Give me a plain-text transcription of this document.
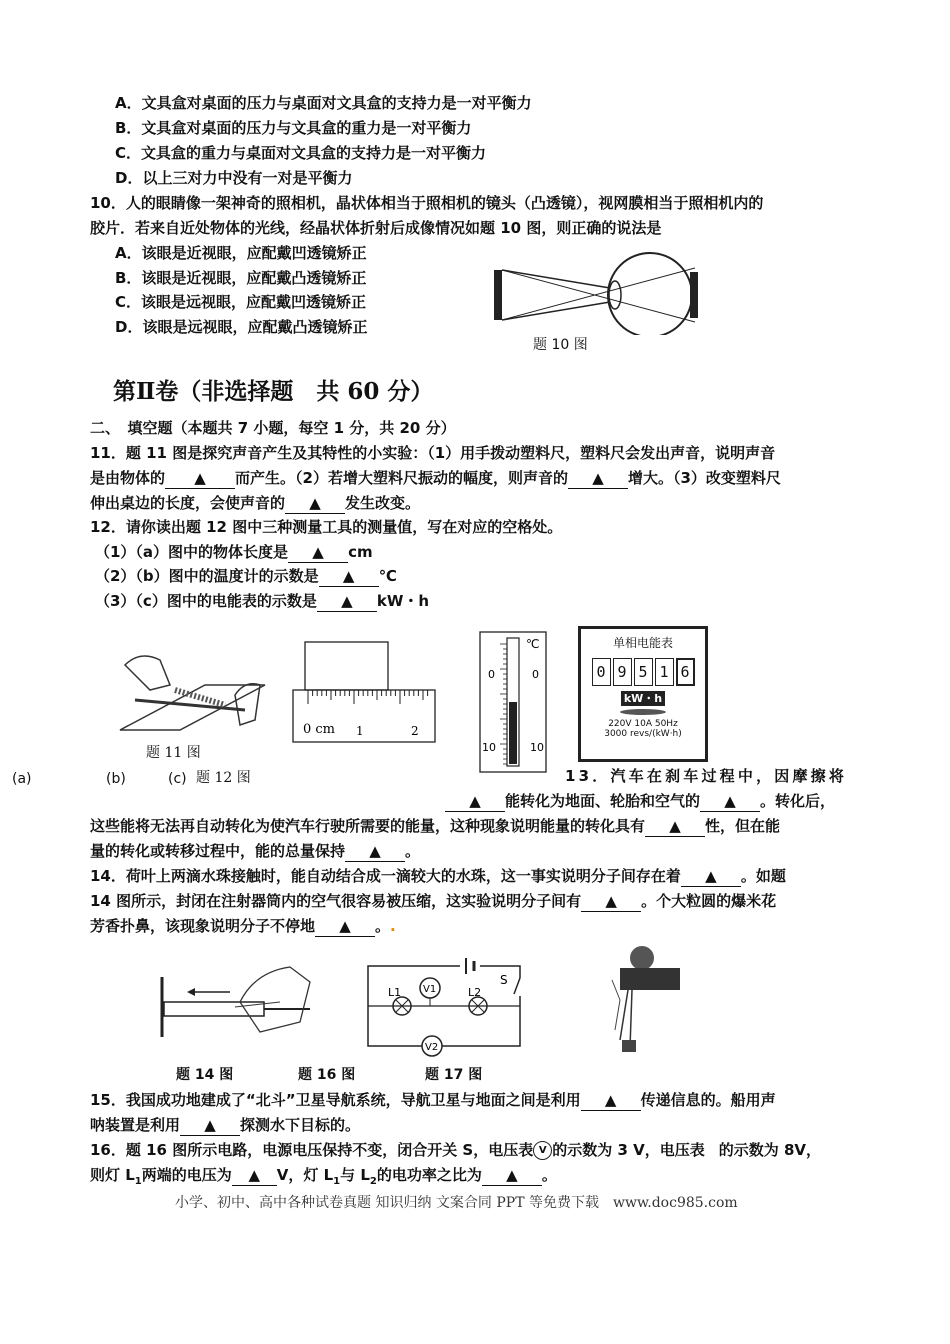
A．文具盒对桌面的压力与桌面对文具盒的支持力是一对平衡力
B．文具盒对桌面的压力与文具盒的重力是一对平衡力
C．文具盒的重力与桌面对文具盒的支持力是一对平衡力
D．以上三对力中没有一对是平衡力
10．人的眼睛像一架神奇的照相机，晶状体相当于照相机的镜头（凸透镜），视网膜相当于照相机内的
胶片．若来自近处物体的光线，经晶状体折射后成像情况如题 10 图，则正确的说法是
A．该眼是近视眼，应配戴凹透镜矫正
B．该眼是近视眼，应配戴凸透镜矫正
C．该眼是远视眼，应配戴凹透镜矫正
D．该眼是远视眼，应配戴凸透镜矫正
题 10 图
第Ⅱ卷（非选择题　共 60 分）
二、　填空题（本题共 7 小题，每空 1 分，共 20 分）
11．题 11 图是探究声音产生及其特性的小实验：（1）用手拨动塑料尺，塑料尺会发出声音，说明声音
是由物体的 ▲ 而产生。（2）若增大塑料尺振动的幅度，则声音的 ▲ 增大。（3）改变塑料尺
伸出桌边的长度，会使声音的 ▲ 发生改变。
12．请你读出题 12 图中三种测量工具的测量值，写在对应的空格处。
（1）（a）图中的物体长度是 ▲ cm
（2）（b）图中的温度计的示数是 ▲ ℃
（3）（c）图中的电能表的示数是 ▲ kW・h
题 11 图
0 cm 1	2
℃
0	0
10	10
单相电能表
0 9 5 1 6
kW・h
220V 10A 50Hz
3000 revs/(kW·h)
(a)	(b)	(c) 题 12 图	13．汽车在刹车过程中，因摩擦将
▲ 能转化为地面、轮胎和空气的 ▲ 。转化后，
这些能将无法再自动转化为使汽车行驶所需要的能量，这种现象说明能量的转化具有 ▲ 性，但在能
量的转化或转移过程中，能的总量保持 ▲ 。
14．荷叶上两滴水珠接触时，能自动结合成一滴较大的水珠，这一事实说明分子间存在着 ▲ 。如题
14 图所示，封闭在注射器筒内的空气很容易被压缩，这实验说明分子间有 ▲ 。个大粒圆的爆米花
芳香扑鼻，该现象说明分子不停地 ▲ 。.
L1 V1	L2
S
V2
题 14 图	题 16 图	题 17 图
15．我国成功地建成了“北斗”卫星导航系统，导航卫星与地面之间是利用 ▲ 传递信息的。船用声
呐装置是利用 ▲ 探测水下目标的。
16．题 16 图所示电路，电源电压保持不变，闭合开关 S，电压表 V 的示数为 3 V，电压表 的示数为 8V，
则灯 $L_1$两端的电压为 ▲ V，灯 $L_1$与 $L_2$的电功率之比为 ▲ 。
小学、初中、高中各种试卷真题 知识归纳 文案合同 PPT 等免费下载　www.doc985.com
